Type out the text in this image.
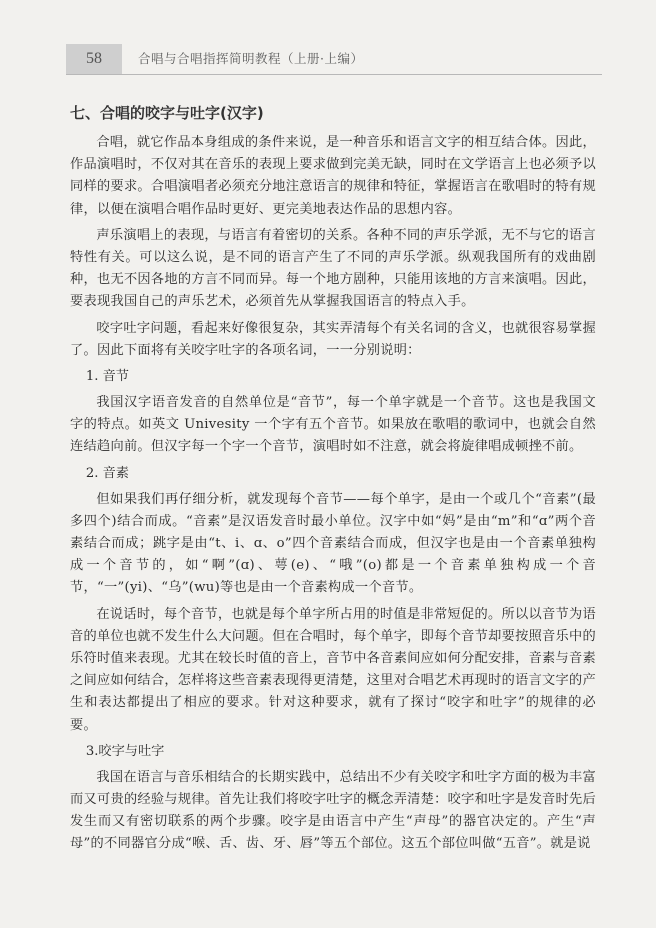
58	合唱与合唱指挥简明教程（上册·上编）
七、合唱的咬字与吐字(汉字)

合唱，就它作品本身组成的条件来说，是一种音乐和语言文字的相互结合体。因此，作品演唱时，不仅对其在音乐的表现上要求做到完美无缺，同时在文学语言上也必须予以同样的要求。合唱演唱者必须充分地注意语言的规律和特征，掌握语言在歌唱时的特有规律，以便在演唱合唱作品时更好、更完美地表达作品的思想内容。

声乐演唱上的表现，与语言有着密切的关系。各种不同的声乐学派，无不与它的语言特性有关。可以这么说，是不同的语言产生了不同的声乐学派。纵观我国所有的戏曲剧种，也无不因各地的方言不同而异。每一个地方剧种，只能用该地的方言来演唱。因此，要表现我国自己的声乐艺术，必须首先从掌握我国语言的特点入手。

咬字吐字问题，看起来好像很复杂，其实弄清每个有关名词的含义，也就很容易掌握了。因此下面将有关咬字吐字的各项名词，一一分别说明：

1. 音节

我国汉字语音发音的自然单位是“音节”，每一个单字就是一个音节。这也是我国文字的特点。如英文 Univesity 一个字有五个音节。如果放在歌唱的歌词中，也就会自然连结趋向前。但汉字每一个字一个音节，演唱时如不注意，就会将旋律唱成顿挫不前。

2. 音素

但如果我们再仔细分析，就发现每个音节——每个单字，是由一个或几个“音素”(最多四个)结合而成。“音素”是汉语发音时最小单位。汉字中如“妈”是由“m”和“ɑ”两个音素结合而成；跳字是由“t、i、ɑ、o”四个音素结合而成，但汉字也是由一个音素单独构成一个音节的，如“啊”(ɑ)、萼(e)、“哦”(o)都是一个音素单独构成一个音节，“一”(yi)、“乌”(wu)等也是由一个音素构成一个音节。

在说话时，每个音节，也就是每个单字所占用的时值是非常短促的。所以以音节为语音的单位也就不发生什么大问题。但在合唱时，每个单字，即每个音节却要按照音乐中的乐符时值来表现。尤其在较长时值的音上，音节中各音素间应如何分配安排，音素与音素之间应如何结合，怎样将这些音素表现得更清楚，这里对合唱艺术再现时的语言文字的产生和表达都提出了相应的要求。针对这种要求，就有了探讨“咬字和吐字”的规律的必要。

3.咬字与吐字

我国在语言与音乐相结合的长期实践中，总结出不少有关咬字和吐字方面的极为丰富而又可贵的经验与规律。首先让我们将咬字吐字的概念弄清楚：咬字和吐字是发音时先后发生而又有密切联系的两个步骤。咬字是由语言中产生“声母”的器官决定的。产生“声母”的不同器官分成“喉、舌、齿、牙、唇”等五个部位。这五个部位叫做“五音”。就是说
